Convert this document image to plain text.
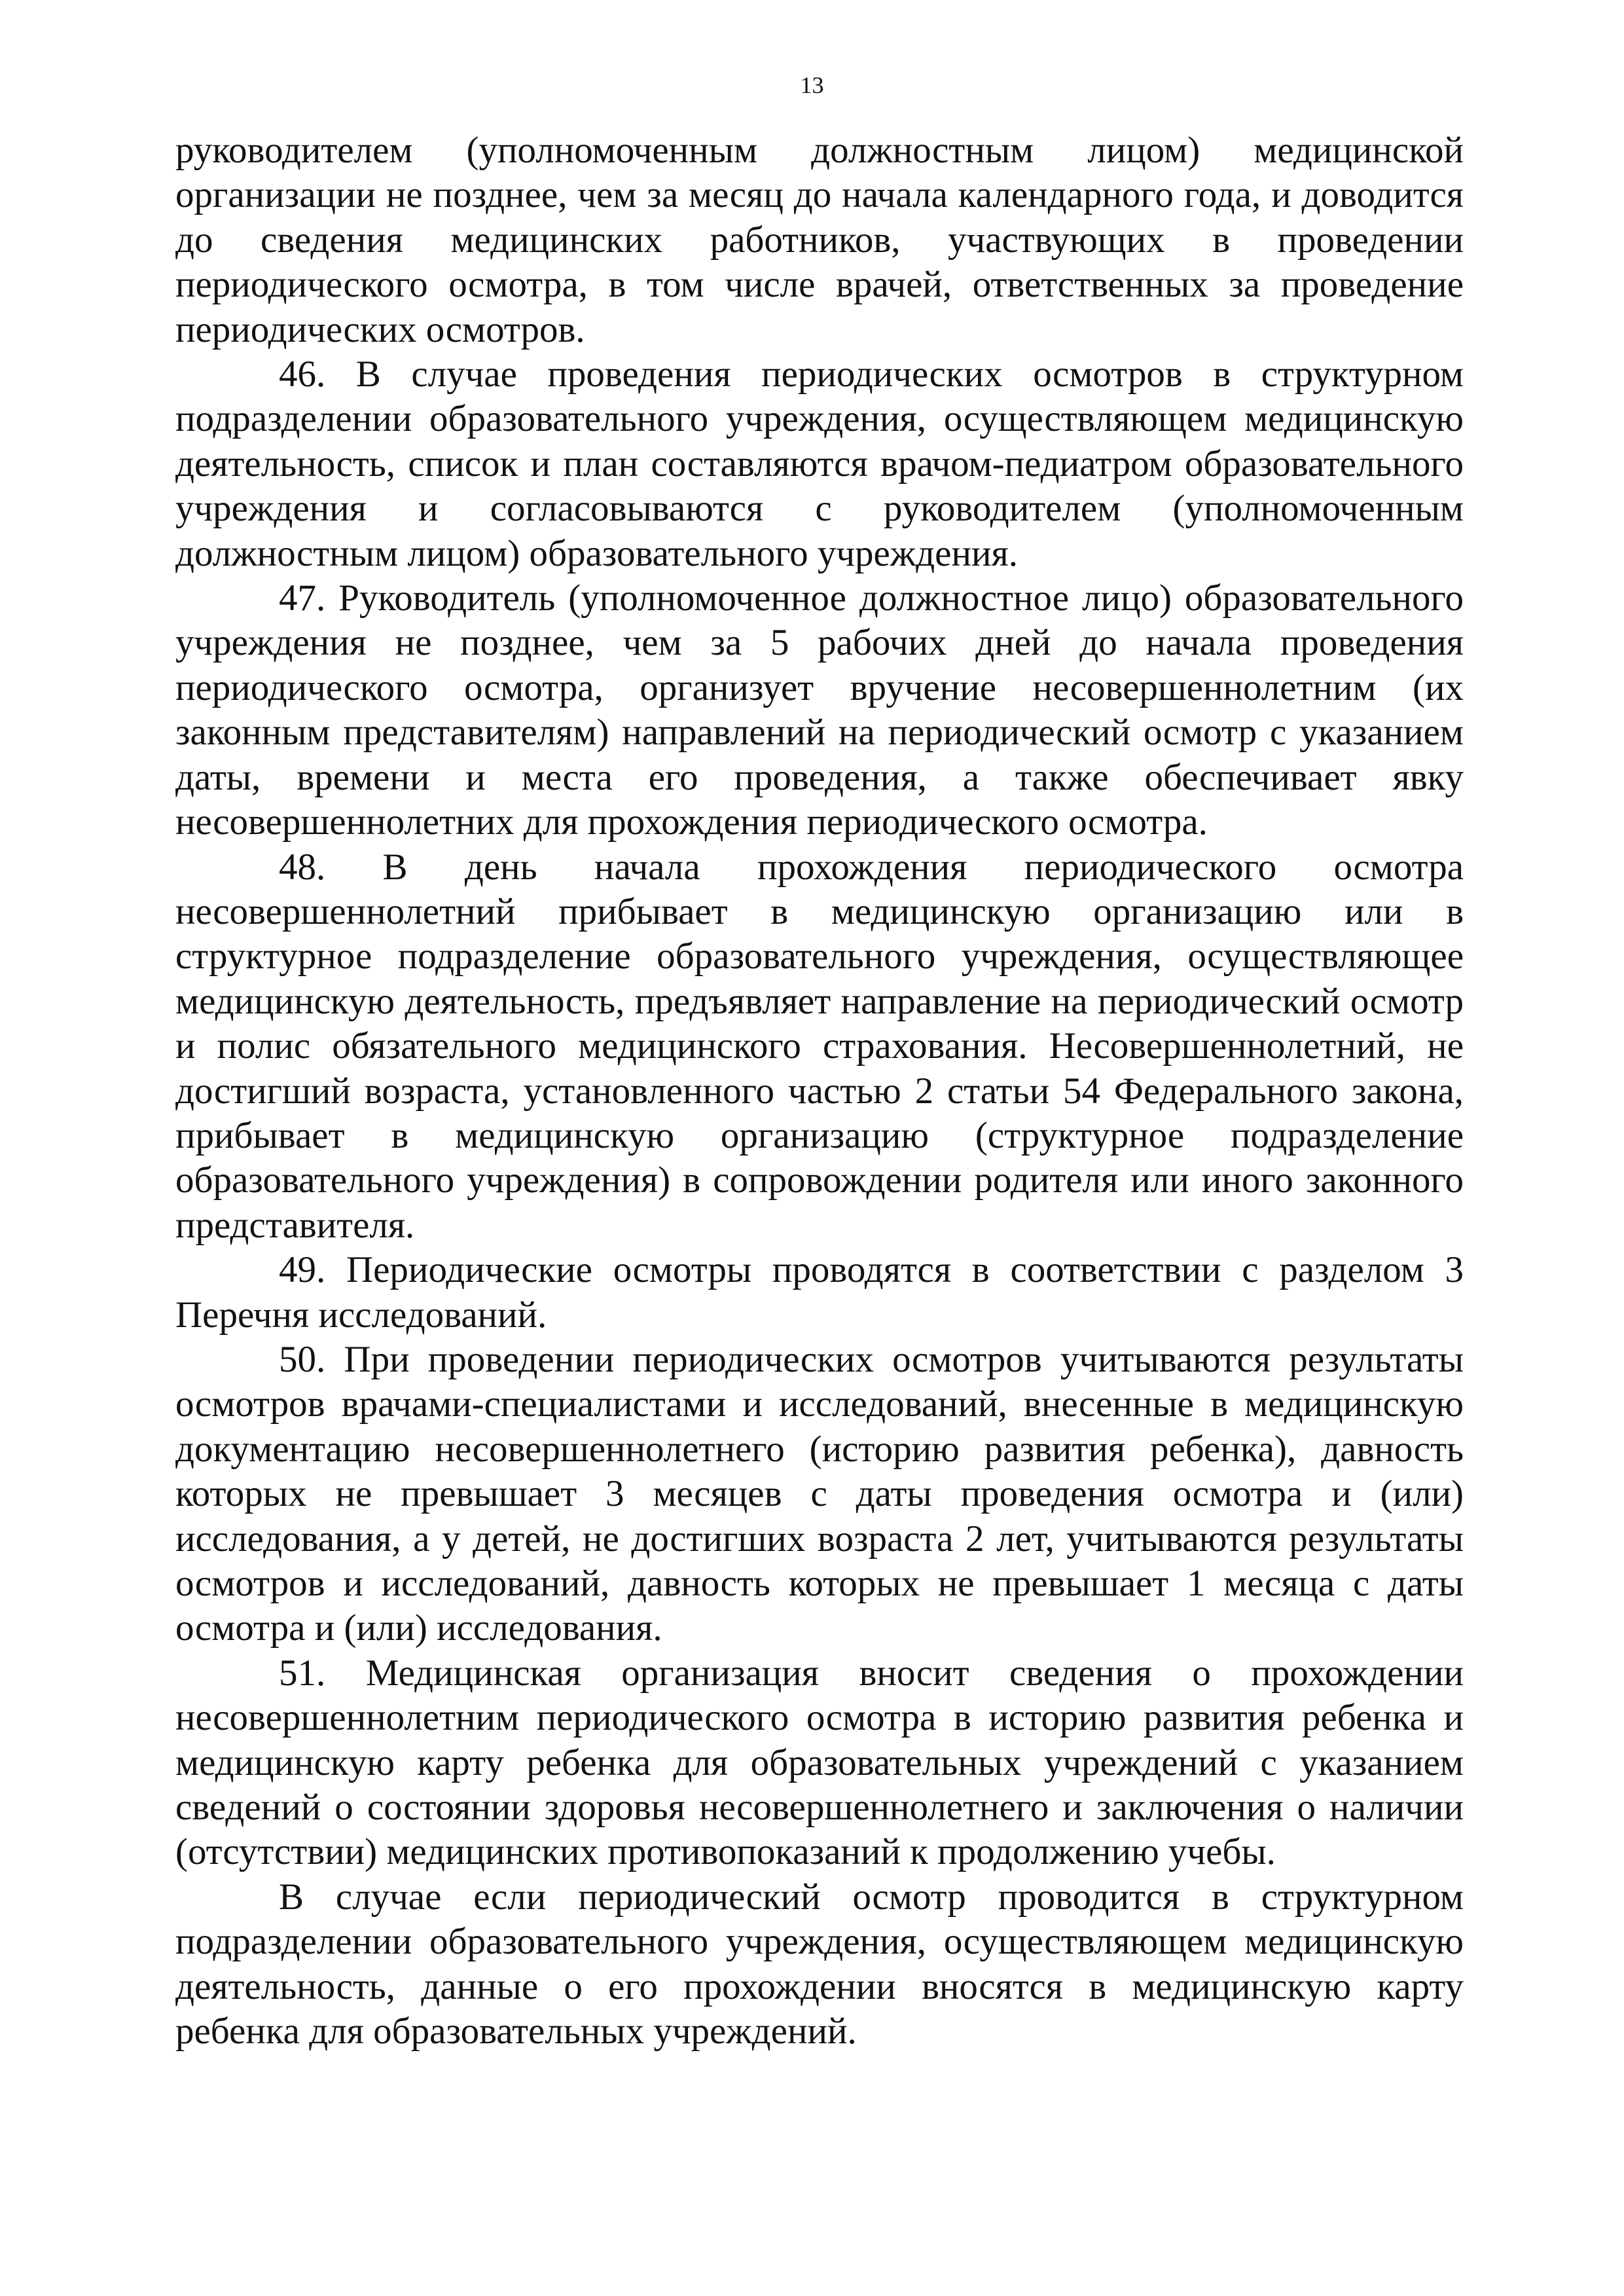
13

руководителем (уполномоченным должностным лицом) медицинской организации не позднее, чем за месяц до начала календарного года, и доводится до сведения медицинских работников, участвующих в проведении периодического осмотра, в том числе врачей, ответственных за проведение периодических осмотров.

46. В случае проведения периодических осмотров в структурном подразделении образовательного учреждения, осуществляющем медицинскую деятельность, список и план составляются врачом-педиатром образовательного учреждения и согласовываются с руководителем (уполномоченным должностным лицом) образовательного учреждения.

47. Руководитель (уполномоченное должностное лицо) образовательного учреждения не позднее, чем за 5 рабочих дней до начала проведения периодического осмотра, организует вручение несовершеннолетним (их законным представителям) направлений на периодический осмотр с указанием даты, времени и места его проведения, а также обеспечивает явку несовершеннолетних для прохождения периодического осмотра.

48. В день начала прохождения периодического осмотра несовершеннолетний прибывает в медицинскую организацию или в структурное подразделение образовательного учреждения, осуществляющее медицинскую деятельность, предъявляет направление на периодический осмотр и полис обязательного медицинского страхования. Несовершеннолетний, не достигший возраста, установленного частью 2 статьи 54 Федерального закона, прибывает в медицинскую организацию (структурное подразделение образовательного учреждения) в сопровождении родителя или иного законного представителя.

49. Периодические осмотры проводятся в соответствии с разделом 3 Перечня исследований.

50. При проведении периодических осмотров учитываются результаты осмотров врачами-специалистами и исследований, внесенные в медицинскую документацию несовершеннолетнего (историю развития ребенка), давность которых не превышает 3 месяцев с даты проведения осмотра и (или) исследования, а у детей, не достигших возраста 2 лет, учитываются результаты осмотров и исследований, давность которых не превышает 1 месяца с даты осмотра и (или) исследования.

51. Медицинская организация вносит сведения о прохождении несовершеннолетним периодического осмотра в историю развития ребенка и медицинскую карту ребенка для образовательных учреждений с указанием сведений о состоянии здоровья несовершеннолетнего и заключения о наличии (отсутствии) медицинских противопоказаний к продолжению учебы.

В случае если периодический осмотр проводится в структурном подразделении образовательного учреждения, осуществляющем медицинскую деятельность, данные о его прохождении вносятся в медицинскую карту ребенка для образовательных учреждений.
